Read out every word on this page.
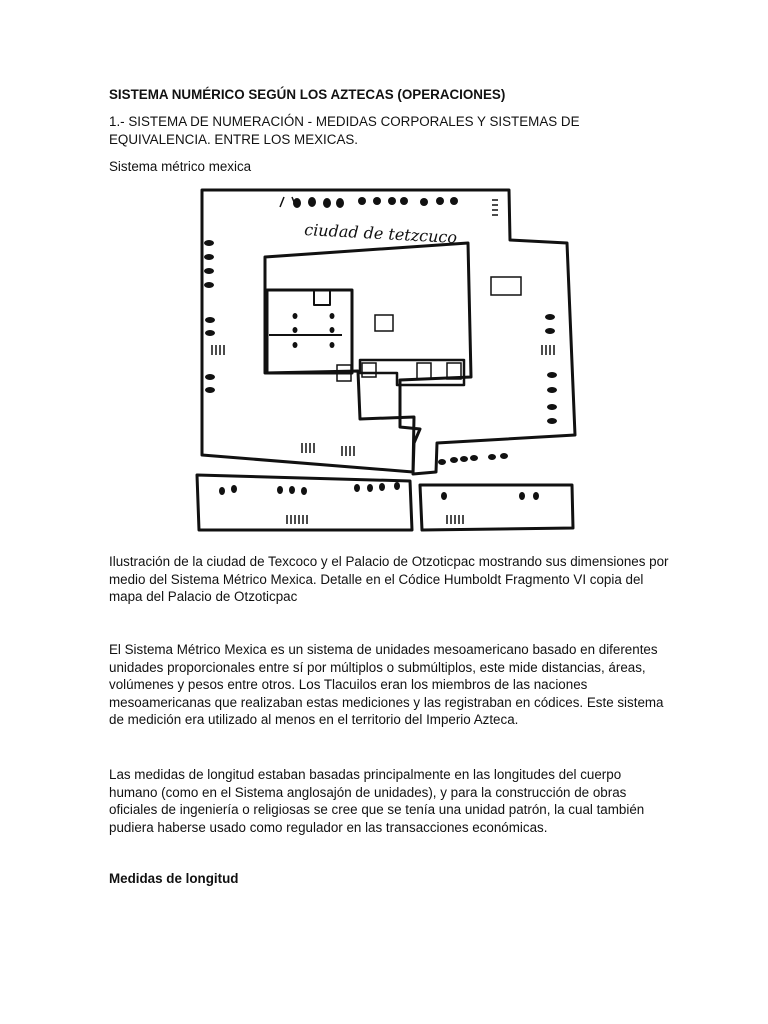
SISTEMA NUMÉRICO SEGÚN LOS AZTECAS (OPERACIONES)

1.- SISTEMA DE NUMERACIÓN - MEDIDAS CORPORALES Y SISTEMAS DE EQUIVALENCIA. ENTRE LOS MEXICAS.

Sistema métrico mexica

ciudad de tetzcuco

Ilustración de la ciudad de Texcoco y el Palacio de Otzoticpac mostrando sus dimensiones por medio del Sistema Métrico Mexica. Detalle en el Códice Humboldt Fragmento VI copia del mapa del Palacio de Otzoticpac

El Sistema Métrico Mexica es un sistema de unidades mesoamericano basado en diferentes unidades proporcionales entre sí por múltiplos o submúltiplos, este mide distancias, áreas, volúmenes y pesos entre otros. Los Tlacuilos eran los miembros de las naciones mesoamericanas que realizaban estas mediciones y las registraban en códices. Este sistema de medición era utilizado al menos en el territorio del Imperio Azteca.

Las medidas de longitud estaban basadas principalmente en las longitudes del cuerpo humano (como en el Sistema anglosajón de unidades), y para la construcción de obras oficiales de ingeniería o religiosas se cree que se tenía una unidad patrón, la cual también pudiera haberse usado como regulador en las transacciones económicas.

Medidas de longitud
